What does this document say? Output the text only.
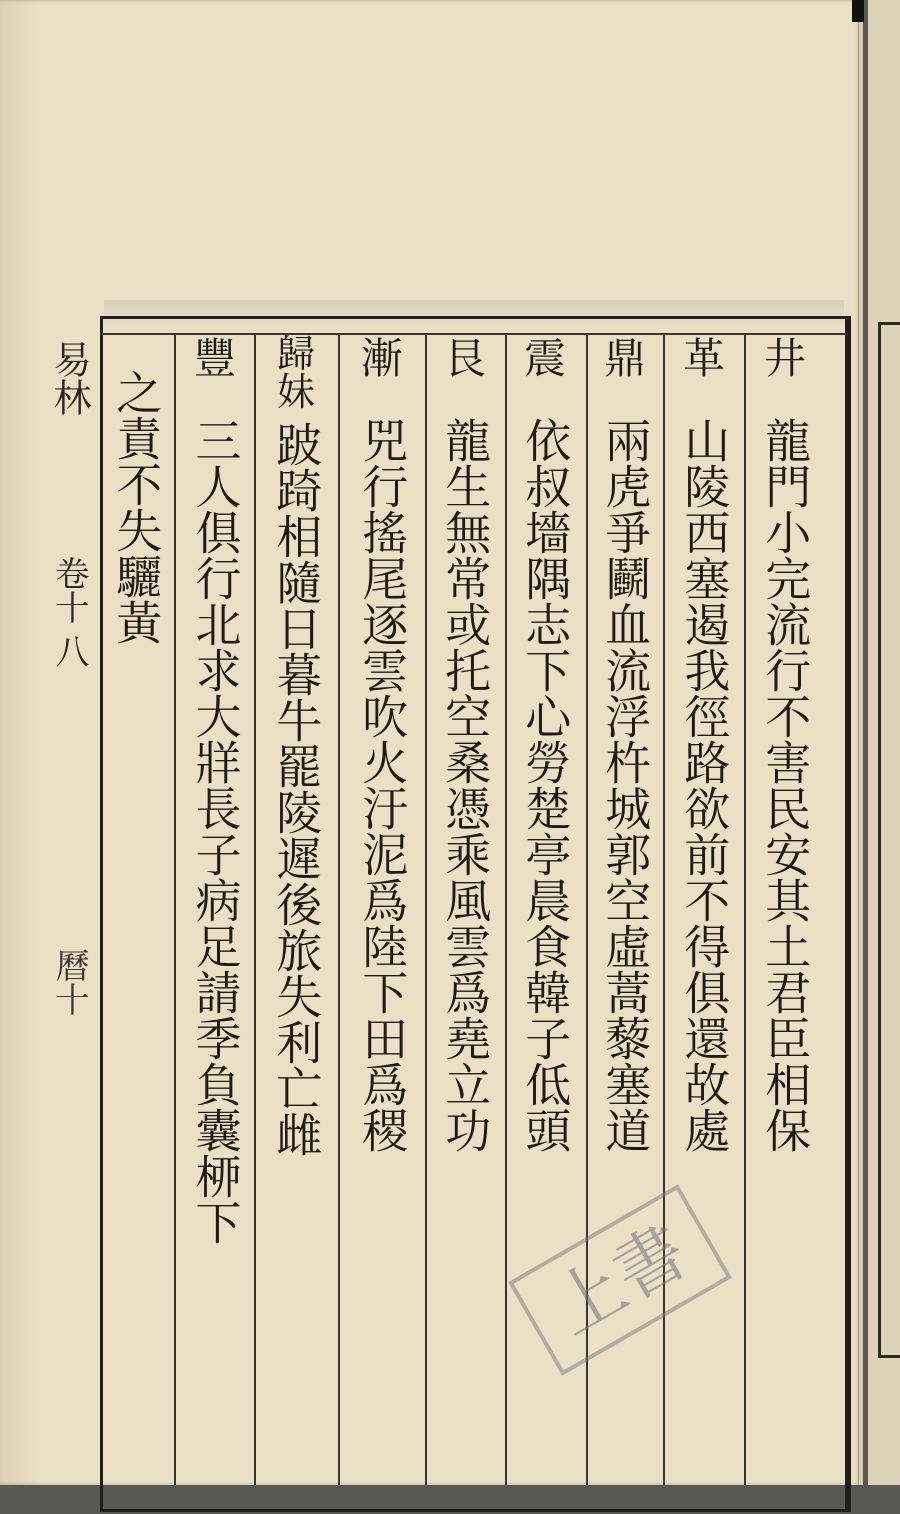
井
龍門小完流行不害民安其土君臣相保
革
山陵西塞遏我徑路欲前不得俱還故處
鼎
兩虎爭鬬血流浮杵城郭空虛蒿藜塞道
震
依叔墻隅志下心勞楚亭晨食韓子低頭
艮
龍生無常或托空桑憑乘風雲爲堯立功
漸
兕行搖尾逐雲吹火汙泥爲陸下田爲稷
歸妹
跛踦相隨日暮牛罷陵遲後旅失利亡雌
豐
三人俱行北求大牂長子病足請季負囊桺下
之責不失驪黃
易林
卷十
八
曆十
上書
